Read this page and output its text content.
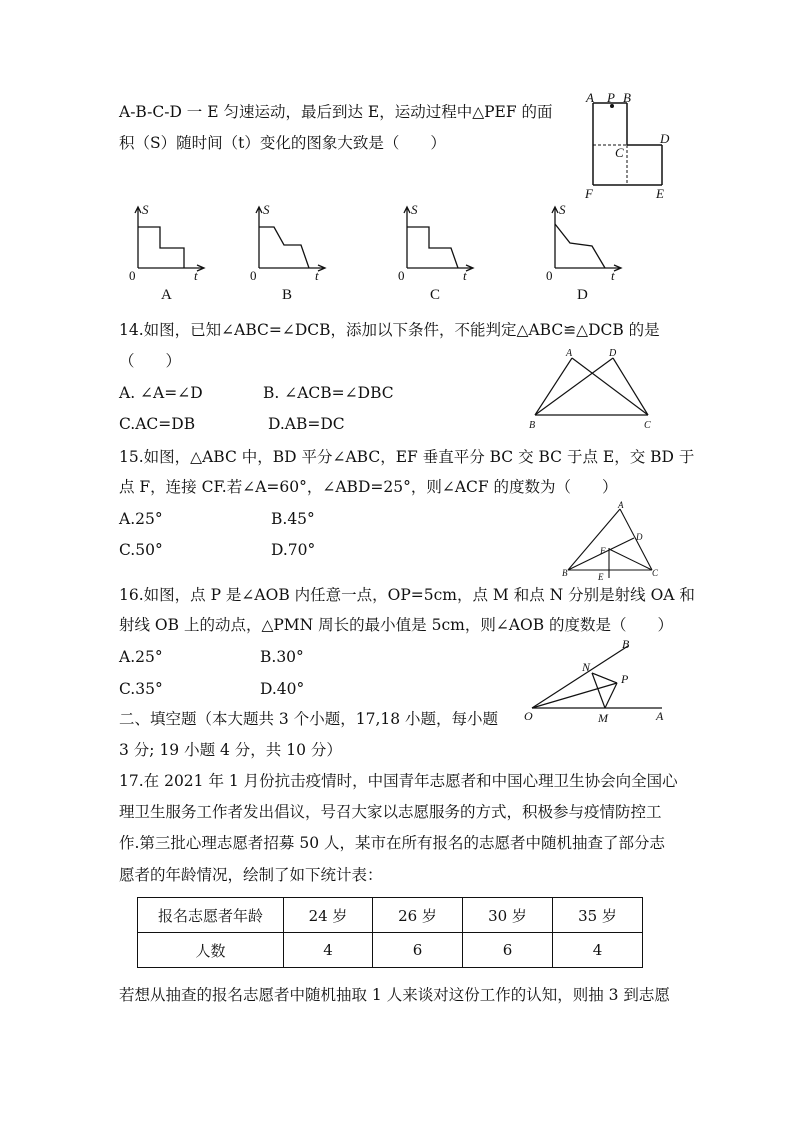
A-B-C-D 一 E 匀速运动，最后到达 E，运动过程中△PEF 的面
积（S）随时间（t）变化的图象大致是（　　）
A P B
C
D
E
F
S
t
0
A
S
t
0
B
S
t
0
C
S
t
0
D
14.如图，已知∠ABC=∠DCB，添加以下条件，不能判定△ABC≌△DCB 的是
（　　）
A. ∠A=∠D	B. ∠ACB=∠DBC
C.AC=DB	D.AB=DC
A	D
B	C
15.如图，△ABC 中，BD 平分∠ABC，EF 垂直平分 BC 交 BC 于点 E，交 BD 于
点 F，连接 CF.若∠A=60°，∠ABD=25°，则∠ACF 的度数为（　　）
A.25°	B.45°
C.50°	D.70°
A
D
F
B	E	C
16.如图，点 P 是∠AOB 内任意一点，OP=5cm，点 M 和点 N 分别是射线 OA 和
射线 OB 上的动点，△PMN 周长的最小值是 5cm，则∠AOB 的度数是（　　）
A.25°	B.30°
C.35°	D.40°
B
N
P
O	M	A
二、填空题（本大题共 3 个小题，17,18 小题，每小题
3 分; 19 小题 4 分，共 10 分）
17.在 2021 年 1 月份抗击疫情时，中国青年志愿者和中国心理卫生协会向全国心
理卫生服务工作者发出倡议，号召大家以志愿服务的方式，积极参与疫情防控工
作.第三批心理志愿者招募 50 人，某市在所有报名的志愿者中随机抽查了部分志
愿者的年龄情况，绘制了如下统计表：
报名志愿者年龄	24 岁	26 岁	30 岁	35 岁
人数	4	6	6	4
若想从抽查的报名志愿者中随机抽取 1 人来谈对这份工作的认知，则抽 3 到志愿
